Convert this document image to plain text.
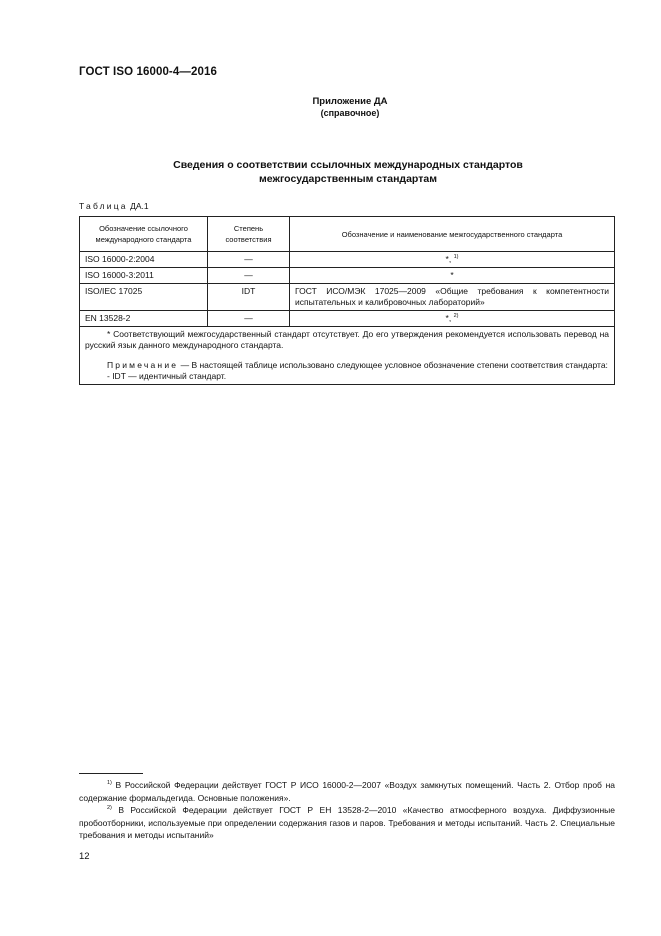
ГОСТ ISO 16000-4—2016
Приложение ДА
(справочное)
Сведения о соответствии ссылочных международных стандартов
межгосударственным стандартам
Таблица ДА.1
Обозначение ссылочного международного стандарта	Степень соответствия	Обозначение и наименование межгосударственного стандарта
ISO 16000-2:2004	—	*, $^{1)}$
ISO 16000-3:2011	—	*
ISO/IEC 17025	IDT	ГОСТ ИСО/МЭК 17025—2009 «Общие требования к компетентности испытательных и калибровочных лабораторий»
EN 13528-2	—	*, $^{2)}$

* Соответствующий межгосударственный стандарт отсутствует. До его утверждения рекомендуется использовать перевод на русский язык данного международного стандарта.
Примечание — В настоящей таблице использовано следующее условное обозначение степени соответствия стандарта:
- IDT — идентичный стандарт.		

$^{1)}$ В Российской Федерации действует ГОСТ Р ИСО 16000-2—2007 «Воздух замкнутых помещений. Часть 2. Отбор проб на содержание формальдегида. Основные положения».

$^{2)}$ В Российской Федерации действует ГОСТ Р ЕН 13528-2—2010 «Качество атмосферного воздуха. Диффузионные пробоотборники, используемые при определении содержания газов и паров. Требования и методы испытаний. Часть 2. Специальные требования и методы испытаний»

12
